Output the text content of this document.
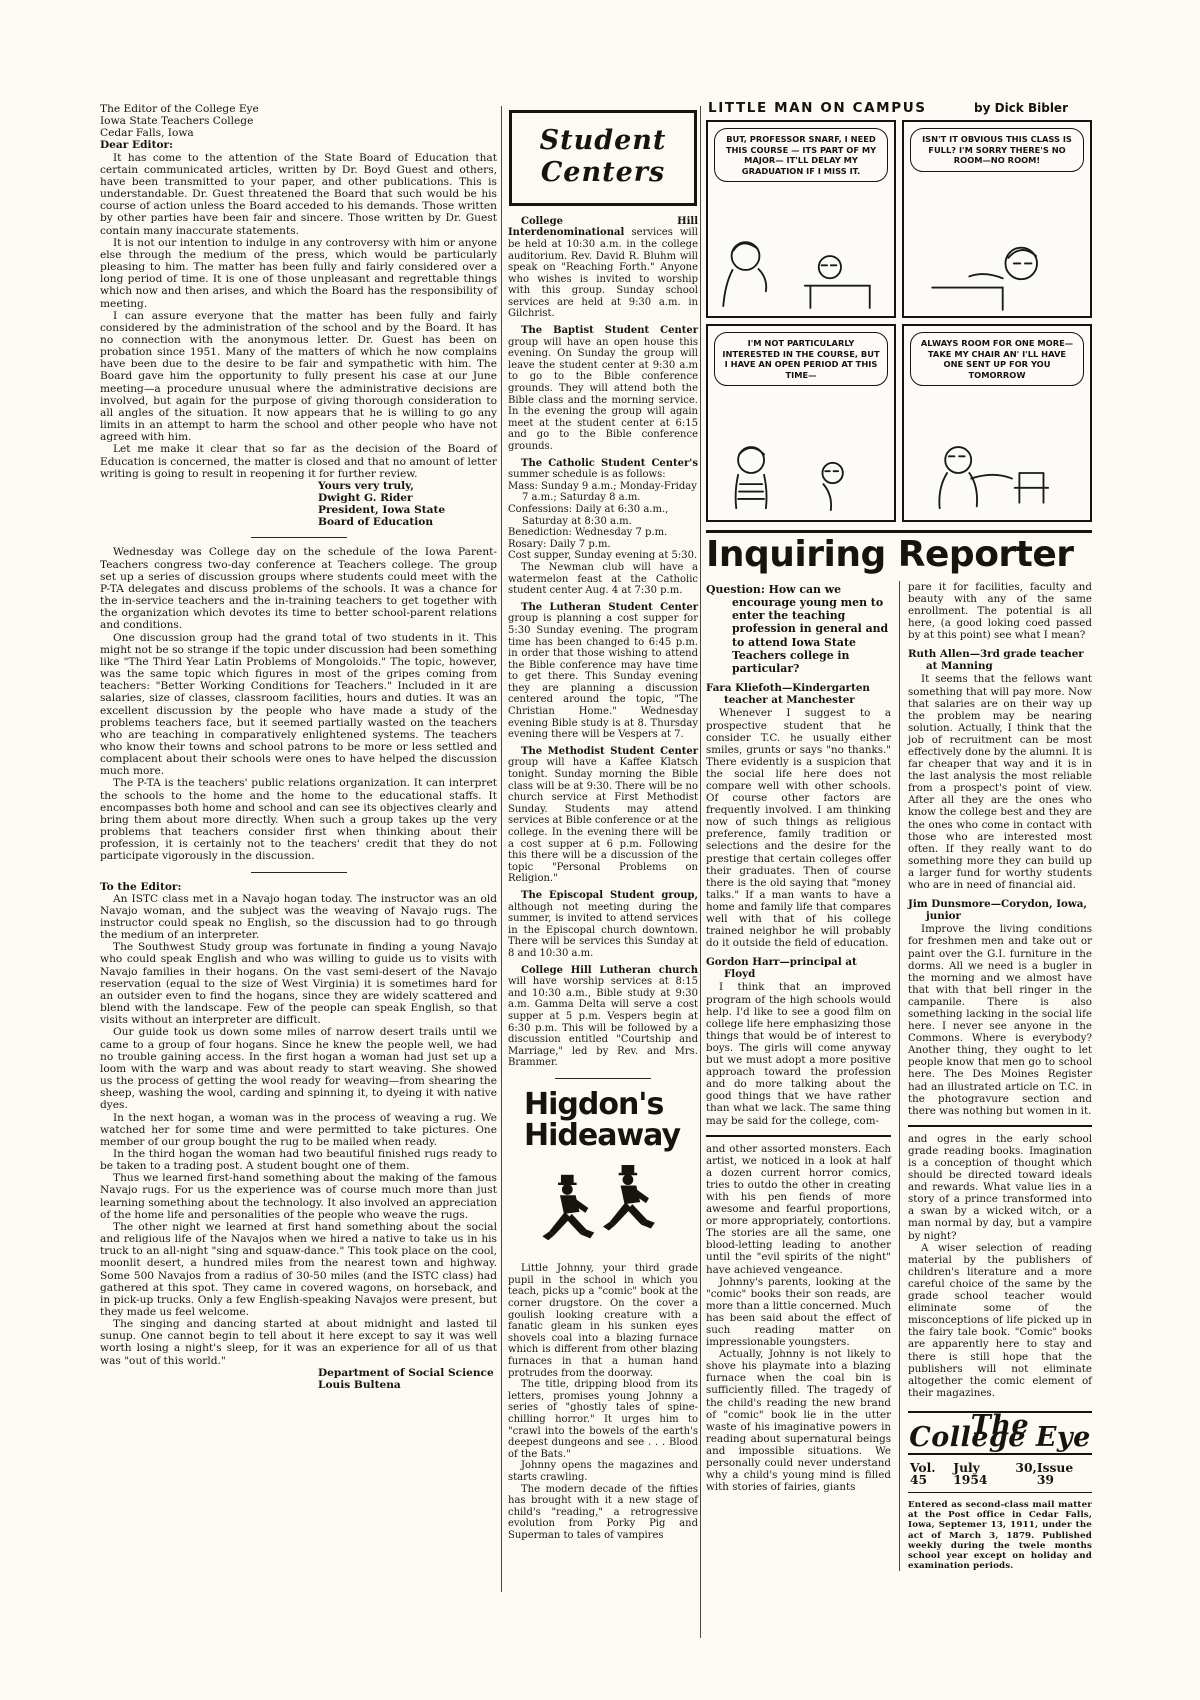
The Editor of the College Eye
Iowa State Teachers College
Cedar Falls, Iowa
Dear Editor:
It has come to the attention of the State Board of Education that certain communicated articles, written by Dr. Boyd Guest and others, have been transmitted to your paper, and other publications. This is understandable. Dr. Guest threatened the Board that such would be his course of action unless the Board acceded to his demands. Those written by other parties have been fair and sincere. Those written by Dr. Guest contain many inaccurate statements.
It is not our intention to indulge in any controversy with him or anyone else through the medium of the press, which would be particularly pleasing to him. The matter has been fully and fairly considered over a long period of time. It is one of those unpleasant and regrettable things which now and then arises, and which the Board has the responsibility of meeting.
I can assure everyone that the matter has been fully and fairly considered by the administration of the school and by the Board. It has no connection with the anonymous letter. Dr. Guest has been on probation since 1951. Many of the matters of which he now complains have been due to the desire to be fair and sympathetic with him. The Board gave him the opportunity to fully present his case at our June meeting—a procedure unusual where the administrative decisions are involved, but again for the purpose of giving thorough consideration to all angles of the situation. It now appears that he is willing to go any limits in an attempt to harm the school and other people who have not agreed with him.
Let me make it clear that so far as the decision of the Board of Education is concerned, the matter is closed and that no amount of letter writing is going to result in reopening it for further review.
Yours very truly,
Dwight G. Rider
President, Iowa State
Board of Education
Wednesday was College day on the schedule of the Iowa Parent-Teachers congress two-day conference at Teachers college. The group set up a series of discussion groups where students could meet with the P-TA delegates and discuss problems of the schools. It was a chance for the in-service teachers and the in-training teachers to get together with the organization which devotes its time to better school-parent relations and conditions.
One discussion group had the grand total of two students in it. This might not be so strange if the topic under discussion had been something like "The Third Year Latin Problems of Mongoloids." The topic, however, was the same topic which figures in most of the gripes coming from teachers: "Better Working Conditions for Teachers." Included in it are salaries, size of classes, classroom facilities, hours and duties. It was an excellent discussion by the people who have made a study of the problems teachers face, but it seemed partially wasted on the teachers who are teaching in comparatively enlightened systems. The teachers who know their towns and school patrons to be more or less settled and complacent about their schools were ones to have helped the discussion much more.
The P-TA is the teachers' public relations organization. It can interpret the schools to the home and the home to the educational staffs. It encompasses both home and school and can see its objectives clearly and bring them about more directly. When such a group takes up the very problems that teachers consider first when thinking about their profession, it is certainly not to the teachers' credit that they do not participate vigorously in the discussion.
To the Editor:
An ISTC class met in a Navajo hogan today. The instructor was an old Navajo woman, and the subject was the weaving of Navajo rugs. The instructor could speak no English, so the discussion had to go through the medium of an interpreter.
The Southwest Study group was fortunate in finding a young Navajo who could speak English and who was willing to guide us to visits with Navajo families in their hogans. On the vast semi-desert of the Navajo reservation (equal to the size of West Virginia) it is sometimes hard for an outsider even to find the hogans, since they are widely scattered and blend with the landscape. Few of the people can speak English, so that visits without an interpreter are difficult.
Our guide took us down some miles of narrow desert trails until we came to a group of four hogans. Since he knew the people well, we had no trouble gaining access. In the first hogan a woman had just set up a loom with the warp and was about ready to start weaving. She showed us the process of getting the wool ready for weaving—from shearing the sheep, washing the wool, carding and spinning it, to dyeing it with native dyes.
In the next hogan, a woman was in the process of weaving a rug. We watched her for some time and were permitted to take pictures. One member of our group bought the rug to be mailed when ready.
In the third hogan the woman had two beautiful finished rugs ready to be taken to a trading post. A student bought one of them.
Thus we learned first-hand something about the making of the famous Navajo rugs. For us the experience was of course much more than just learning something about the technology. It also involved an appreciation of the home life and personalities of the people who weave the rugs.
The other night we learned at first hand something about the social and religious life of the Navajos when we hired a native to take us in his truck to an all-night "sing and squaw-dance." This took place on the cool, moonlit desert, a hundred miles from the nearest town and highway. Some 500 Navajos from a radius of 30-50 miles (and the ISTC class) had gathered at this spot. They came in covered wagons, on horseback, and in pick-up trucks. Only a few English-speaking Navajos were present, but they made us feel welcome.
The singing and dancing started at about midnight and lasted til sunup. One cannot begin to tell about it here except to say it was well worth losing a night's sleep, for it was an experience for all of us that was "out of this world."
Department of Social Science
Louis Bultena
Student
Centers
College Hill Interdenominational services will be held at 10:30 a.m. in the college auditorium. Rev. David R. Bluhm will speak on "Reaching Forth." Anyone who wishes is invited to worship with this group. Sunday school services are held at 9:30 a.m. in Gilchrist.
The Baptist Student Center group will have an open house this evening. On Sunday the group will leave the student center at 9:30 a.m to go to the Bible conference grounds. They will attend both the Bible class and the morning service. In the evening the group will again meet at the student center at 6:15 and go to the Bible conference grounds.
The Catholic Student Center's summer schedule is as follows:
Mass: Sunday 9 a.m.; Monday-Friday 7 a.m.; Saturday 8 a.m.
Confessions: Daily at 6:30 a.m., Saturday at 8:30 a.m.
Benediction: Wednesday 7 p.m.
Rosary: Daily 7 p.m.
Cost supper, Sunday evening at 5:30.
The Newman club will have a watermelon feast at the Catholic student center Aug. 4 at 7:30 p.m.
The Lutheran Student Center group is planning a cost supper for 5:30 Sunday evening. The program time has been changed to 6:45 p.m. in order that those wishing to attend the Bible conference may have time to get there. This Sunday evening they are planning a discussion centered around the topic, "The Christian Home." Wednesday evening Bible study is at 8. Thursday evening there will be Vespers at 7.
The Methodist Student Center group will have a Kaffee Klatsch tonight. Sunday morning the Bible class will be at 9:30. There will be no church service at First Methodist Sunday. Students may attend services at Bible conference or at the college. In the evening there will be a cost supper at 6 p.m. Following this there will be a discussion of the topic "Personal Problems on Religion."
The Episcopal Student group, although not meeting during the summer, is invited to attend services in the Episcopal church downtown. There will be services this Sunday at 8 and 10:30 a.m.
College Hill Lutheran church will have worship services at 8:15 and 10:30 a.m., Bible study at 9:30 a.m. Gamma Delta will serve a cost supper at 5 p.m. Vespers begin at 6:30 p.m. This will be followed by a discussion entitled "Courtship and Marriage," led by Rev. and Mrs. Brammer.
Higdon's
Hideaway
Little Johnny, your third grade pupil in the school in which you teach, picks up a "comic" book at the corner drugstore. On the cover a goulish looking creature with a fanatic gleam in his sunken eyes shovels coal into a blazing furnace which is different from other blazing furnaces in that a human hand protrudes from the doorway.
The title, dripping blood from its letters, promises young Johnny a series of "ghostly tales of spine-chilling horror." It urges him to "crawl into the bowels of the earth's deepest dungeons and see . . . Blood of the Bats."
Johnny opens the magazines and starts crawling.
The modern decade of the fifties has brought with it a new stage of child's "reading," a retrogressive evolution from Porky Pig and Superman to tales of vampires
LITTLE MAN ON CAMPUS	by Dick Bibler
BUT, PROFESSOR SNARF, I NEED THIS COURSE — ITS PART OF MY MAJOR— IT'LL DELAY MY GRADUATION IF I MISS IT.
ISN'T IT OBVIOUS THIS CLASS IS FULL? I'M SORRY THERE'S NO ROOM—NO ROOM!
I'M NOT PARTICULARLY INTERESTED IN THE COURSE, BUT I HAVE AN OPEN PERIOD AT THIS TIME—
ALWAYS ROOM FOR ONE MORE— TAKE MY CHAIR AN' I'LL HAVE ONE SENT UP FOR YOU TOMORROW
Inquiring Reporter
Question: How can we encourage young men to enter the teaching profession in general and to attend Iowa State Teachers college in particular?
Fara Kliefoth—Kindergarten teacher at Manchester
Whenever I suggest to a prospective student that he consider T.C. he usually either smiles, grunts or says "no thanks." There evidently is a suspicion that the social life here does not compare well with other schools. Of course other factors are frequently involved. I am thinking now of such things as religious preference, family tradition or selections and the desire for the prestige that certain colleges offer their graduates. Then of course there is the old saying that "money talks." If a man wants to have a home and family life that compares well with that of his college trained neighbor he will probably do it outside the field of education.
Gordon Harr—principal at Floyd
I think that an improved program of the high schools would help. I'd like to see a good film on college life here emphasizing those things that would be of interest to boys. The girls will come anyway but we must adopt a more positive approach toward the profession and do more talking about the good things that we have rather than what we lack. The same thing may be said for the college, com-
and other assorted monsters. Each artist, we noticed in a look at half a dozen current horror comics, tries to outdo the other in creating with his pen fiends of more awesome and fearful proportions, or more appropriately, contortions. The stories are all the same, one blood-letting leading to another until the "evil spirits of the night" have achieved vengeance.
Johnny's parents, looking at the "comic" books their son reads, are more than a little concerned. Much has been said about the effect of such reading matter on impressionable youngsters.
Actually, Johnny is not likely to shove his playmate into a blazing furnace when the coal bin is sufficiently filled. The tragedy of the child's reading the new brand of "comic" book lie in the utter waste of his imaginative powers in reading about supernatural beings and impossible situations. We personally could never understand why a child's young mind is filled with stories of fairies, giants
pare it for facilities, faculty and beauty with any of the same enrollment. The potential is all here, (a good loking coed passed by at this point) see what I mean?
Ruth Allen—3rd grade teacher at Manning
It seems that the fellows want something that will pay more. Now that salaries are on their way up the problem may be nearing solution. Actually, I think that the job of recruitment can be most effectively done by the alumni. It is far cheaper that way and it is in the last analysis the most reliable from a prospect's point of view. After all they are the ones who know the college best and they are the ones who come in contact with those who are interested most often. If they really want to do something more they can build up a larger fund for worthy students who are in need of financial aid.
Jim Dunsmore—Corydon, Iowa, junior
Improve the living conditions for freshmen men and take out or paint over the G.I. furniture in the dorms. All we need is a bugler in the morning and we almost have that with that bell ringer in the campanile. There is also something lacking in the social life here. I never see anyone in the Commons. Where is everybody? Another thing, they ought to let people know that men go to school here. The Des Moines Register had an illustrated article on T.C. in the photogravure section and there was nothing but women in it.
and ogres in the early school grade reading books. Imagination is a conception of thought which should be directed toward ideals and rewards. What value lies in a story of a prince transformed into a swan by a wicked witch, or a man normal by day, but a vampire by night?
A wiser selection of reading material by the publishers of children's literature and a more careful choice of the same by the grade school teacher would eliminate some of the misconceptions of life picked up in the fairy tale book. "Comic" books are apparently here to stay and there is still hope that the publishers will not eliminate altogether the comic element of their magazines.
The College Eye
Vol. 45
July 30, 1954
Issue 39
Entered as second-class mail matter at the Post office in Cedar Falls, Iowa, Septemer 13, 1911, under the act of March 3, 1879. Published weekly during the twele months school year except on holiday and examination periods.
